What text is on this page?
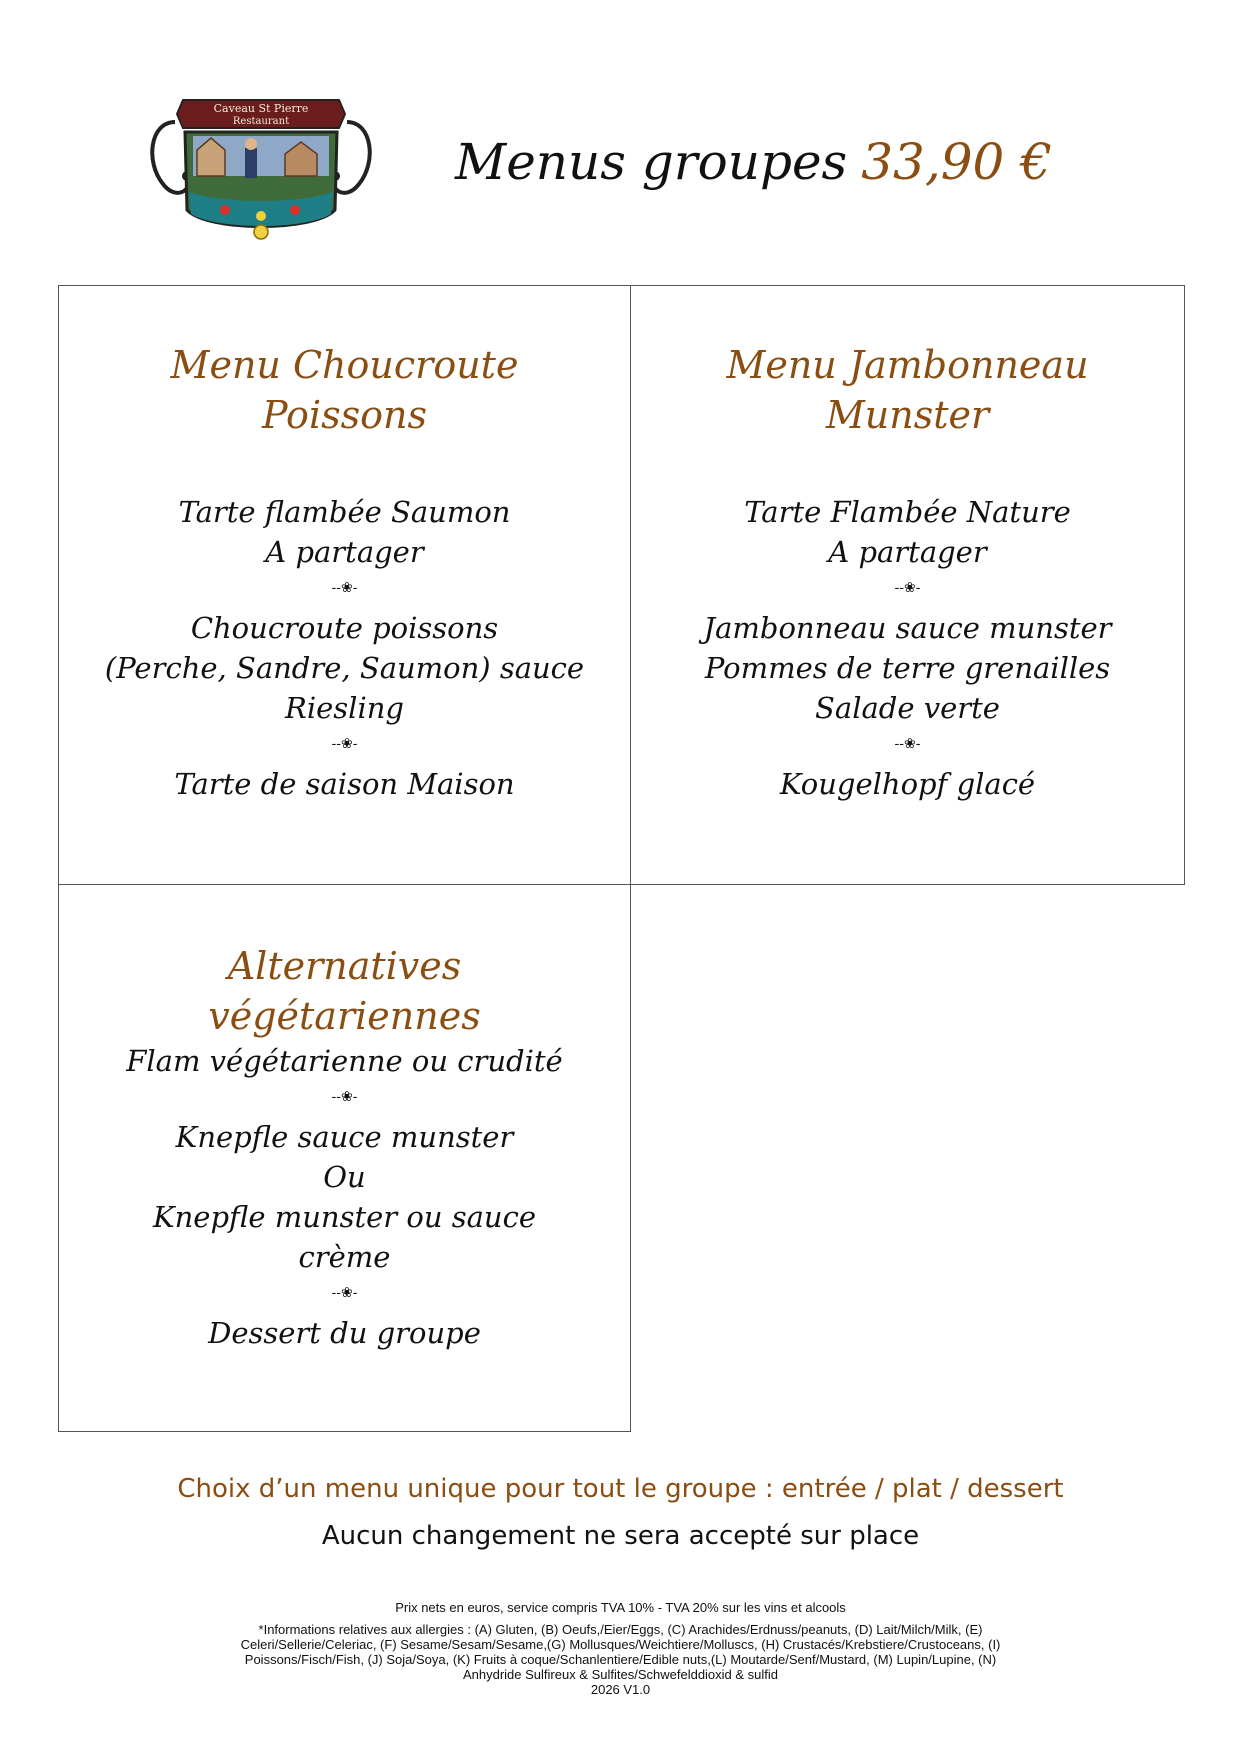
Caveau St Pierre
Restaurant
Menus groupes 33,90 €
Menu Choucroute
Poissons
Tarte flambée Saumon
A partager
--❀-
Choucroute poissons
(Perche, Sandre, Saumon) sauce
Riesling
--❀-
Tarte de saison Maison
Menu Jambonneau
Munster
Tarte Flambée Nature
A partager
--❀-
Jambonneau sauce munster
Pommes de terre grenailles
Salade verte
--❀-
Kougelhopf glacé
Alternatives
végétariennes
Flam végétarienne ou crudité
--❀-
Knepfle sauce munster
Ou
Knepfle munster ou sauce
crème
--❀-
Dessert du groupe
Choix d’un menu unique pour tout le groupe : entrée / plat / dessert
Aucun changement ne sera accepté sur place
Prix nets en euros, service compris TVA 10% - TVA 20% sur les vins et alcools
*Informations relatives aux allergies : (A) Gluten, (B) Oeufs,/Eier/Eggs, (C) Arachides/Erdnuss/peanuts, (D) Lait/Milch/Milk, (E)
Celeri/Sellerie/Celeriac, (F) Sesame/Sesam/Sesame,(G) Mollusques/Weichtiere/Molluscs, (H) Crustacés/Krebstiere/Crustoceans, (I)
Poissons/Fisch/Fish, (J) Soja/Soya, (K) Fruits à coque/Schanlentiere/Edible nuts,(L) Moutarde/Senf/Mustard, (M) Lupin/Lupine, (N)
Anhydride Sulfireux & Sulfites/Schwefelddioxid & sulfid
2026 V1.0
